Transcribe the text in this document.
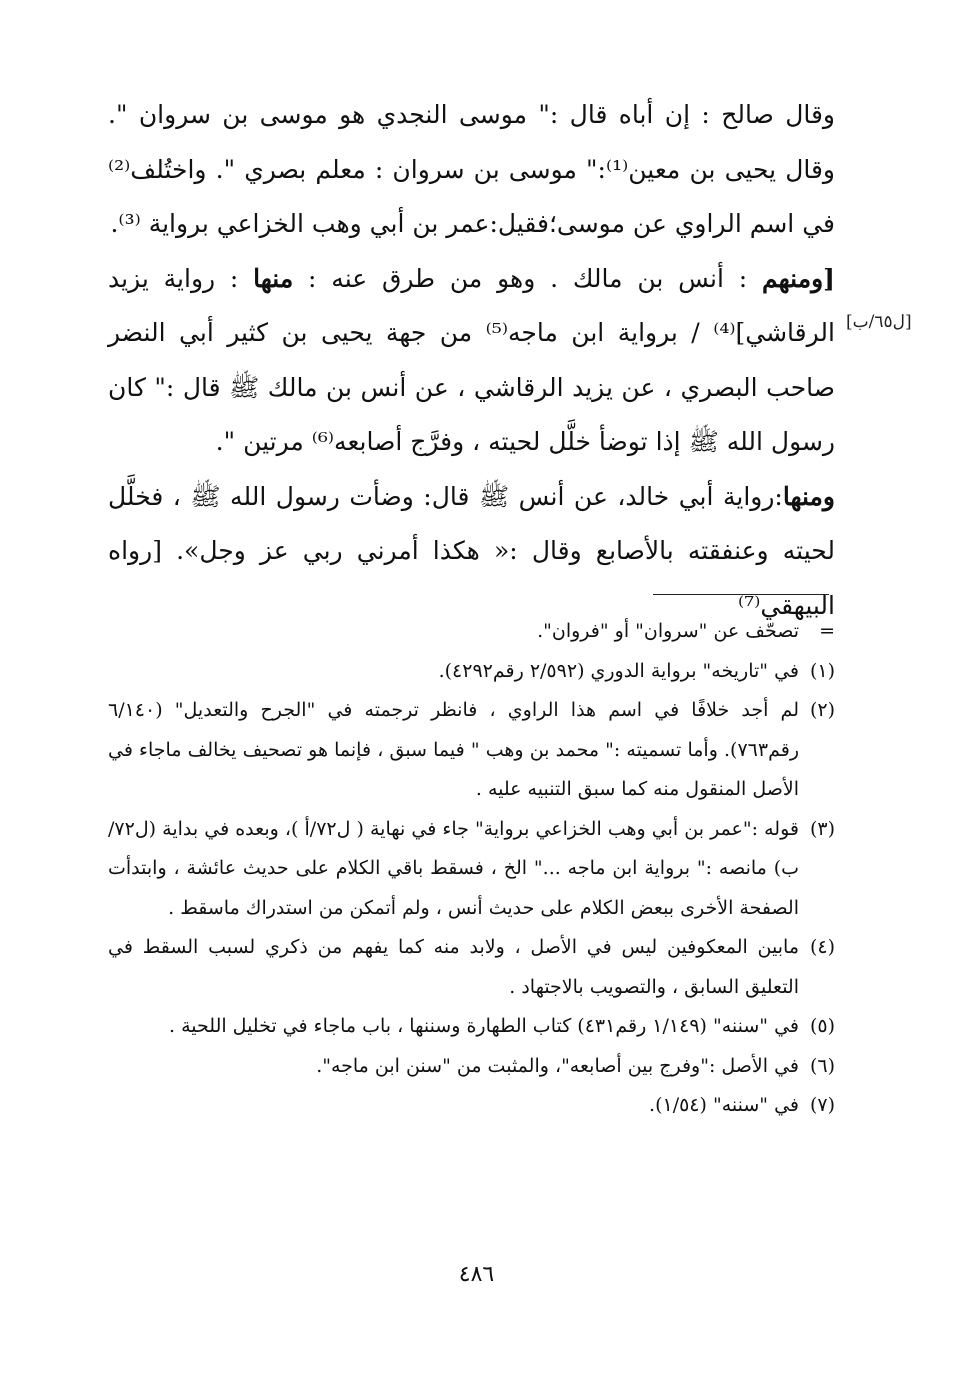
وقال صالح : إن أباه قال :" موسى النجدي هو موسى بن سروان ". وقال يحيى بن معين⁽¹⁾:" موسى بن سروان : معلم بصري ". واختُلف⁽²⁾في اسم الراوي عن موسى؛فقيل:عمر بن أبي وهب الخزاعي برواية ⁽³⁾.

[ومنهم : أنس بن مالك . وهو من طرق عنه : منها : رواية يزيد الرقاشي]⁽⁴⁾ / برواية ابن ماجه⁽⁵⁾ من جهة يحيى بن كثير أبي النضر صاحب البصري ، عن يزيد الرقاشي ، عن أنس بن مالك ﷺ قال :" كان رسول الله ﷺ إذا توضأ خلَّل لحيته ، وفرَّج أصابعه⁽⁶⁾ مرتين ".

ومنها:رواية أبي خالد، عن أنس ﷺ قال: وضأت رسول الله ﷺ ، فخلَّل لحيته وعنفقته بالأصابع وقال :« هكذا أمرني ربي عز وجل». [رواه البيهقي⁽⁷⁾

[ل٦٥/ب]
=
تصحّف عن "سروان" أو "فروان".
(١)
في "تاريخه" برواية الدوري (٢/٥٩٢ رقم٤٢٩٢).
(٢)
لم أجد خلافًا في اسم هذا الراوي ، فانظر ترجمته في "الجرح والتعديل" (٦/١٤٠ رقم٧٦٣). وأما تسميته :" محمد بن وهب " فيما سبق ، فإنما هو تصحيف يخالف ماجاء في الأصل المنقول منه كما سبق التنبيه عليه .
(٣)
قوله :"عمر بن أبي وهب الخزاعي برواية" جاء في نهاية ( ل٧٢/أ )، وبعده في بداية (ل٧٢/ب) مانصه :" برواية ابن ماجه ..." الخ ، فسقط باقي الكلام على حديث عائشة ، وابتدأت الصفحة الأخرى ببعض الكلام على حديث أنس ، ولم أتمكن من استدراك ماسقط .
(٤)
مابين المعكوفين ليس في الأصل ، ولابد منه كما يفهم من ذكري لسبب السقط في التعليق السابق ، والتصويب بالاجتهاد .
(٥)
في "سننه" (١/١٤٩ رقم٤٣١) كتاب الطهارة وسننها ، باب ماجاء في تخليل اللحية .
(٦)
في الأصل :"وفرج بين أصابعه"، والمثبت من "سنن ابن ماجه".
(٧)
في "سننه" (١/٥٤).
٤٨٦
